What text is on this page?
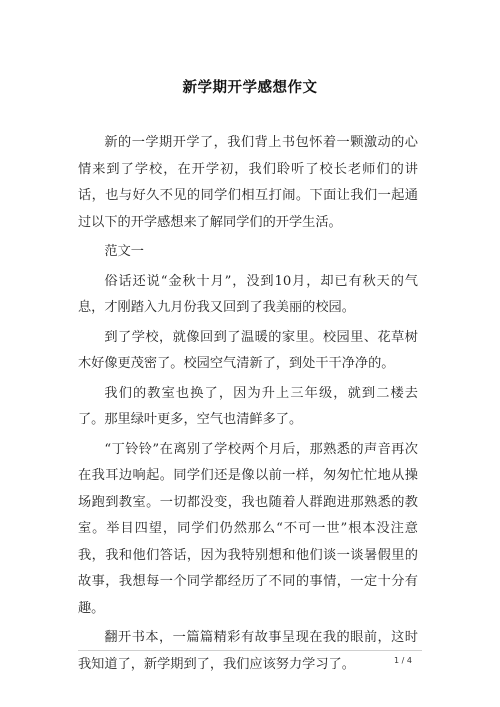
新学期开学感想作文

新的一学期开学了，我们背上书包怀着一颗激动的心情来到了学校，在开学初，我们聆听了校长老师们的讲话，也与好久不见的同学们相互打闹。下面让我们一起通过以下的开学感想来了解同学们的开学生活。

范文一

俗话还说“金秋十月”，没到10月，却已有秋天的气息，才刚踏入九月份我又回到了我美丽的校园。

到了学校，就像回到了温暖的家里。校园里、花草树木好像更茂密了。校园空气清新了，到处干干净净的。

我们的教室也换了，因为升上三年级，就到二楼去了。那里绿叶更多，空气也清鲜多了。

“丁铃铃”在离别了学校两个月后，那熟悉的声音再次在我耳边响起。同学们还是像以前一样，匆匆忙忙地从操场跑到教室。一切都没变，我也随着人群跑进那熟悉的教室。举目四望，同学们仍然那么“不可一世”根本没注意我，我和他们答话，因为我特别想和他们谈一谈暑假里的故事，我想每一个同学都经历了不同的事情，一定十分有趣。

翻开书本，一篇篇精彩有故事呈现在我的眼前，这时我知道了，新学期到了，我们应该努力学习了。	1 / 4
